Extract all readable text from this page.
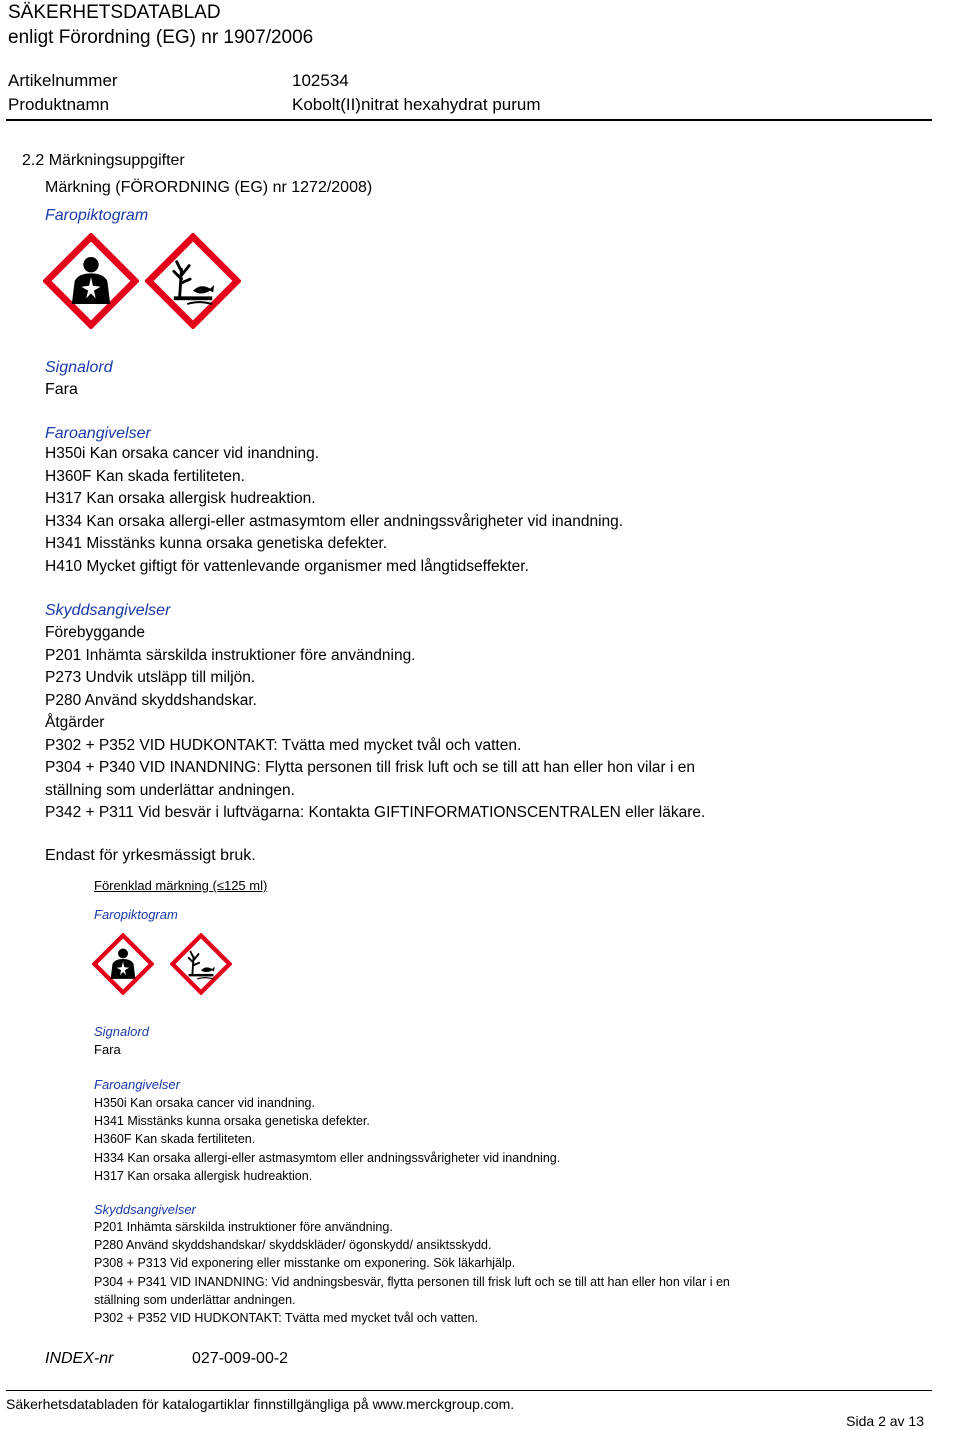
SÄKERHETSDATABLAD
enligt Förordning (EG) nr 1907/2006
Artikelnummer	102534
Produktnamn	Kobolt(II)nitrat hexahydrat purum
2.2 Märkningsuppgifter
Märkning (FÖRORDNING (EG) nr 1272/2008)
Faropiktogram
Signalord
Fara
Faroangivelser
H350i Kan orsaka cancer vid inandning.
H360F Kan skada fertiliteten.
H317 Kan orsaka allergisk hudreaktion.
H334 Kan orsaka allergi-eller astmasymtom eller andningssvårigheter vid inandning.
H341 Misstänks kunna orsaka genetiska defekter.
H410 Mycket giftigt för vattenlevande organismer med långtidseffekter.
Skyddsangivelser
Förebyggande
P201 Inhämta särskilda instruktioner före användning.
P273 Undvik utsläpp till miljön.
P280 Använd skyddshandskar.
Åtgärder
P302 + P352 VID HUDKONTAKT: Tvätta med mycket tvål och vatten.
P304 + P340 VID INANDNING: Flytta personen till frisk luft och se till att han eller hon vilar i en
ställning som underlättar andningen.
P342 + P311 Vid besvär i luftvägarna: Kontakta GIFTINFORMATIONSCENTRALEN eller läkare.
Endast för yrkesmässigt bruk.
Förenklad märkning (≤125 ml)
Faropiktogram
Signalord
Fara
Faroangivelser
H350i Kan orsaka cancer vid inandning.
H341 Misstänks kunna orsaka genetiska defekter.
H360F Kan skada fertiliteten.
H334 Kan orsaka allergi-eller astmasymtom eller andningssvårigheter vid inandning.
H317 Kan orsaka allergisk hudreaktion.
Skyddsangivelser
P201 Inhämta särskilda instruktioner före användning.
P280 Använd skyddshandskar/ skyddskläder/ ögonskydd/ ansiktsskydd.
P308 + P313 Vid exponering eller misstanke om exponering. Sök läkarhjälp.
P304 + P341 VID INANDNING: Vid andningsbesvär, flytta personen till frisk luft och se till att han eller hon vilar i en
ställning som underlättar andningen.
P302 + P352 VID HUDKONTAKT: Tvätta med mycket tvål och vatten.
INDEX-nr	027-009-00-2
Säkerhetsdatabladen för katalogartiklar finnstillgängliga på www.merckgroup.com.
Sida 2 av 13
